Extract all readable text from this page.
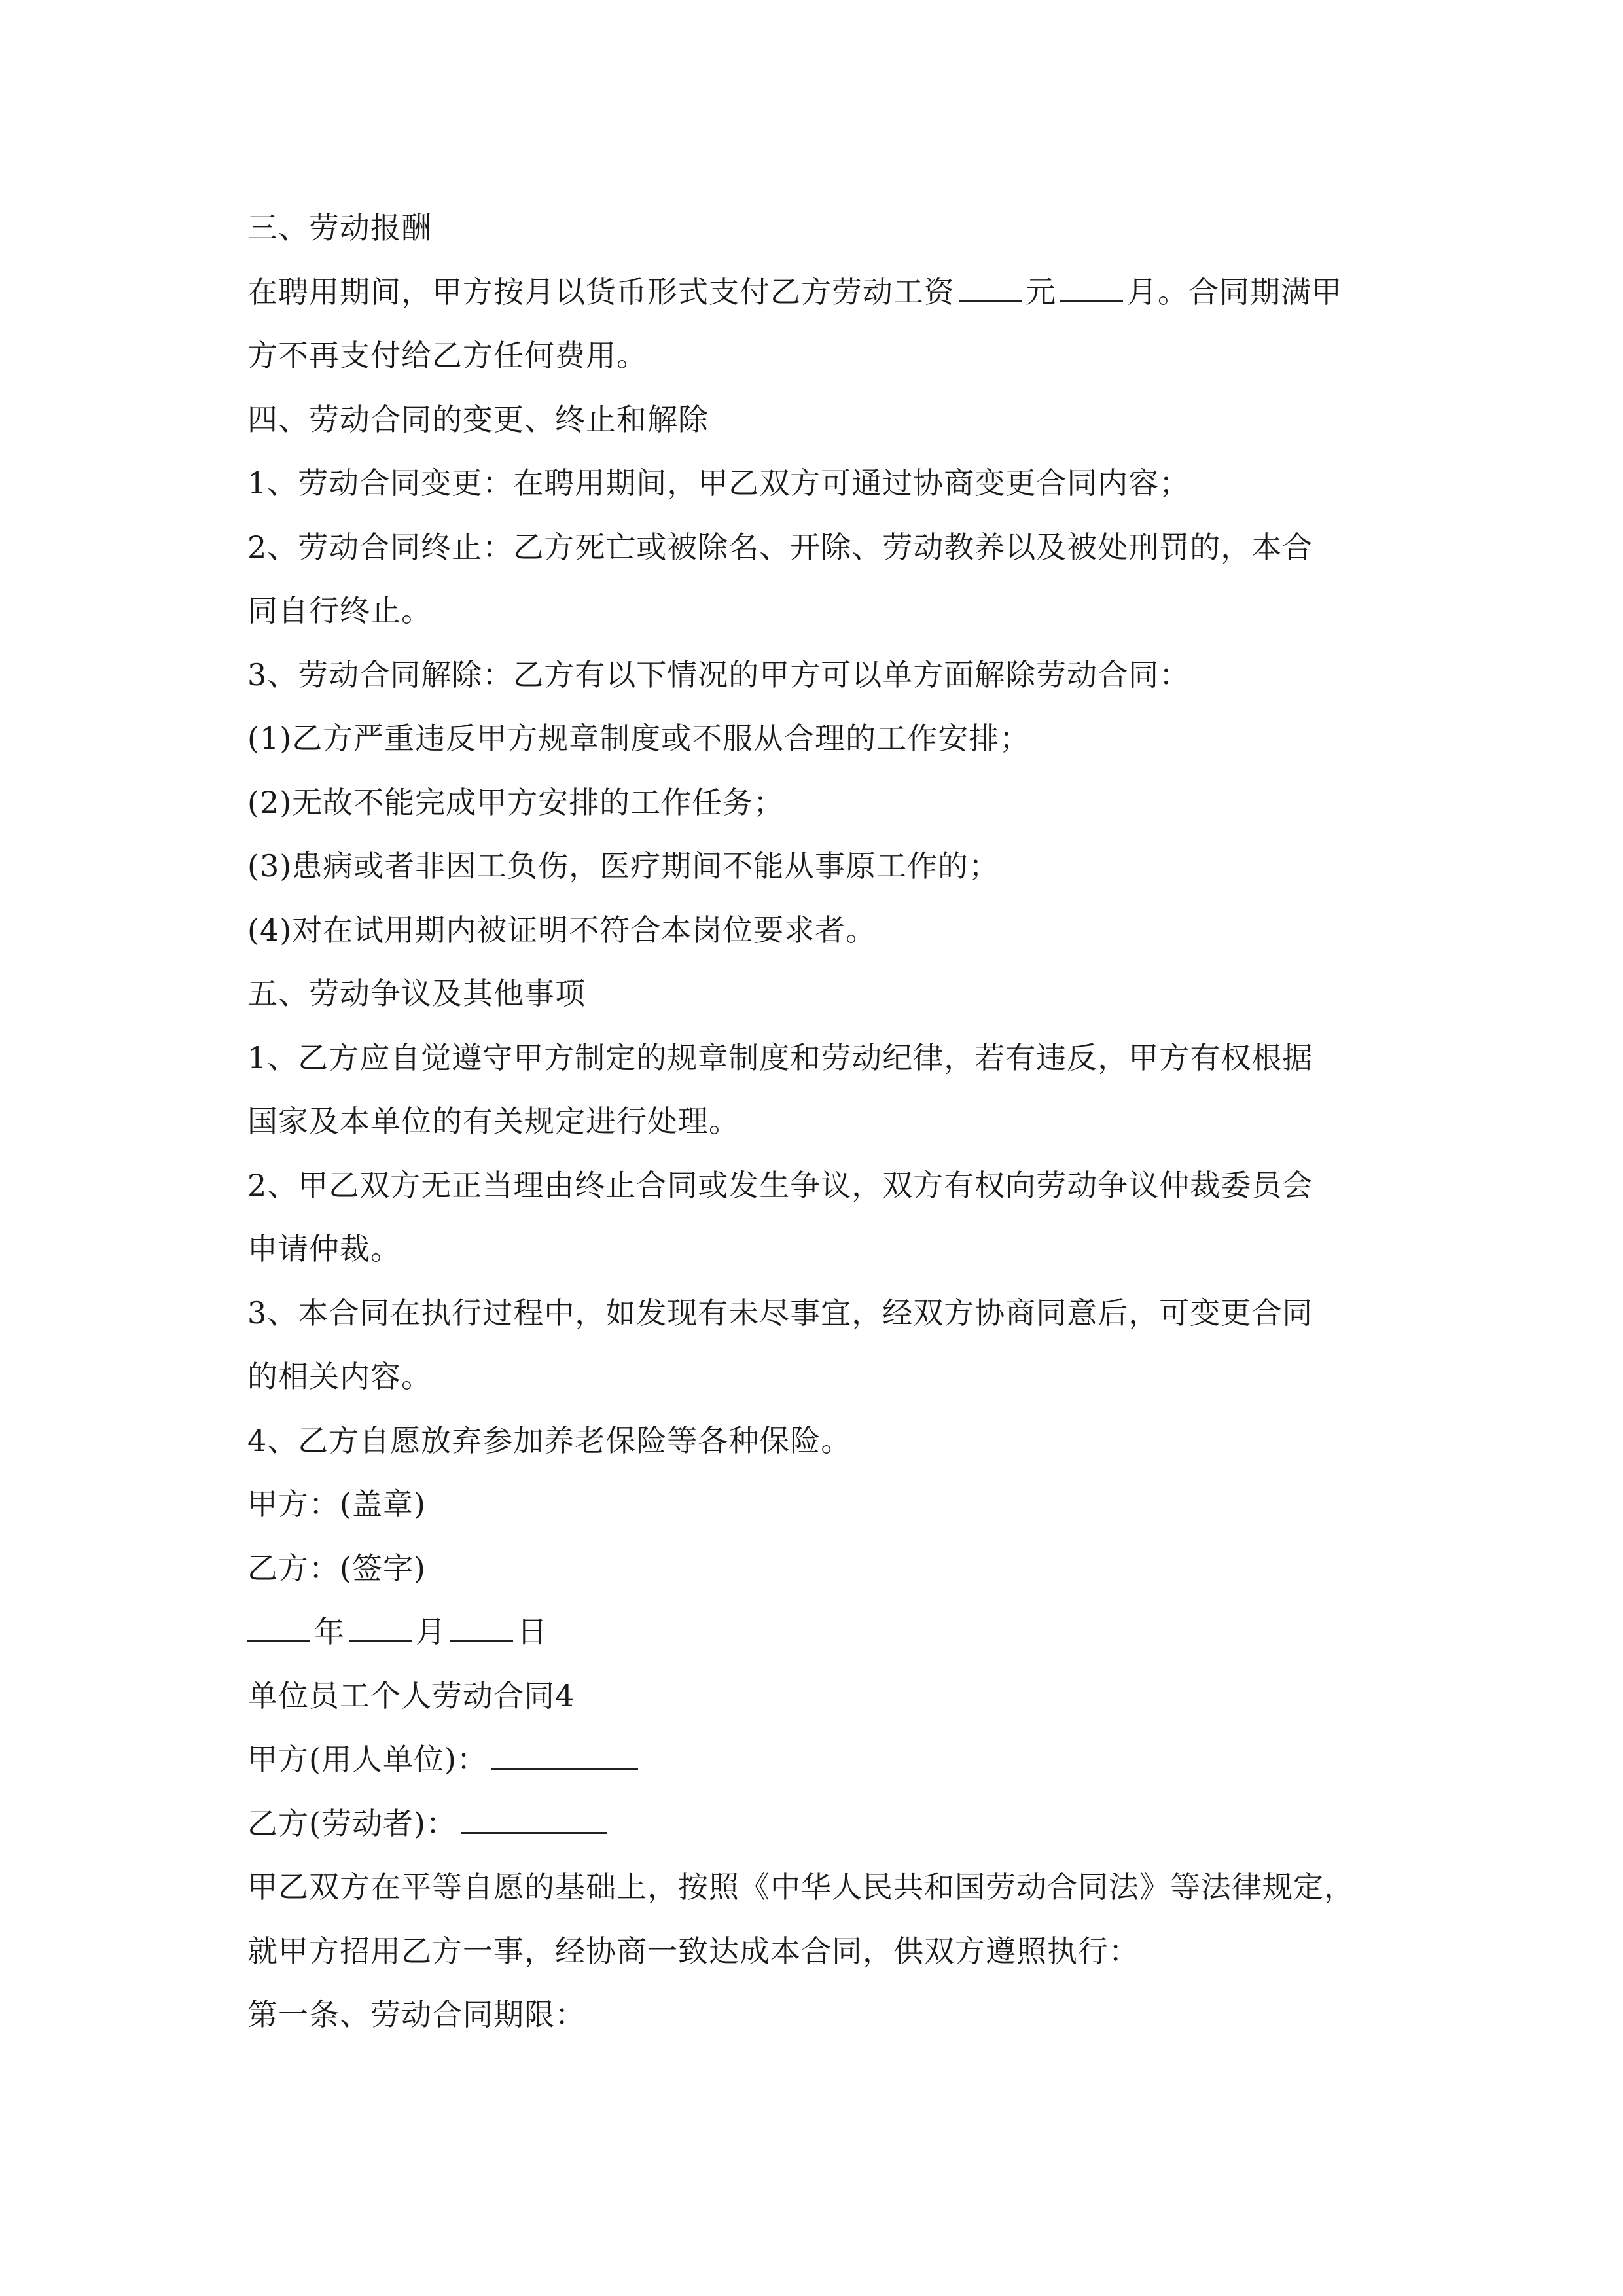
三、劳动报酬
在聘用期间，甲方按月以货币形式支付乙方劳动工资 元 月。合同期满甲
方不再支付给乙方任何费用。
四、劳动合同的变更、终止和解除
1、劳动合同变更：在聘用期间，甲乙双方可通过协商变更合同内容；
2、劳动合同终止：乙方死亡或被除名、开除、劳动教养以及被处刑罚的，本合
同自行终止。
3、劳动合同解除：乙方有以下情况的甲方可以单方面解除劳动合同：
(1)乙方严重违反甲方规章制度或不服从合理的工作安排；
(2)无故不能完成甲方安排的工作任务；
(3)患病或者非因工负伤，医疗期间不能从事原工作的；
(4)对在试用期内被证明不符合本岗位要求者。
五、劳动争议及其他事项
1、乙方应自觉遵守甲方制定的规章制度和劳动纪律，若有违反，甲方有权根据
国家及本单位的有关规定进行处理。
2、甲乙双方无正当理由终止合同或发生争议，双方有权向劳动争议仲裁委员会
申请仲裁。
3、本合同在执行过程中，如发现有未尽事宜，经双方协商同意后，可变更合同
的相关内容。
4、乙方自愿放弃参加养老保险等各种保险。
甲方：(盖章)
乙方：(签字)
年 月 日
单位员工个人劳动合同4
甲方(用人单位)：
乙方(劳动者)：
甲乙双方在平等自愿的基础上，按照《中华人民共和国劳动合同法》等法律规定，
就甲方招用乙方一事，经协商一致达成本合同，供双方遵照执行：
第一条、劳动合同期限：
